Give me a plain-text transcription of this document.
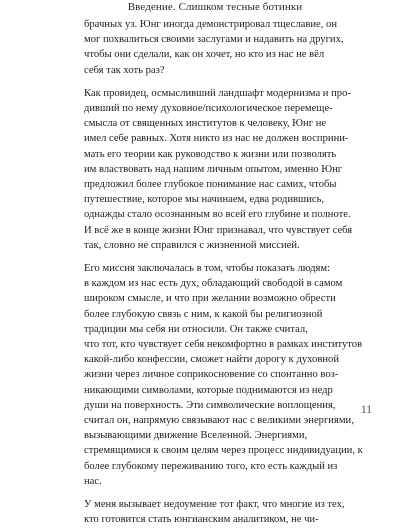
Введение. Слишком тесные ботинки
брачных уз. Юнг иногда демонстрировал тщеславие, он
мог похвалиться своими заслугами и надавить на других,
чтобы они сделали, как он хочет, но кто из нас не вёл
себя так хоть раз?
Как провидец, осмысливший ландшафт модернизма и про-
дивший по нему духовное/психологическое перемеще-
смысла от священных институтов к человеку, Юнг не
имел себе равных. Хотя никто из нас не должен восприни-
мать его теории как руководство к жизни или позволять
им властвовать над нашим личным опытом, именно Юнг
предложил более глубокое понимание нас самих, чтобы
путешествие, которое мы начинаем, едва родившись,
однажды стало осознанным во всей его глубине и полноте.
И всё же в конце жизни Юнг признавал, что чувствует себя
так, словно не справился с жизненной миссией.
Его миссия заключалась в том, чтобы показать людям:
в каждом из нас есть дух, обладающий свободой в самом
широком смысле, и что при желании возможно обрести
более глубокую связь с ним, к какой бы религиозной
традиции мы себя ни относили. Он также считал,
что тот, кто чувствует себя некомфортно в рамках институтов
какой-либо конфессии, сможет найти дорогу к духовной
жизни через личное соприкосновение со спонтанно воз-
никающими символами, которые поднимаются из недр
души на поверхность. Эти символические воплощения,
считал он, напрямую связывают нас с великими энергиями,
вызывающими движение Вселенной. Энергиями,
стремящимися к своим целям через процесс индивидуации, к
более глубокому переживанию того, кто есть каждый из
нас.
У меня вызывает недоумение тот факт, что многие из тех,
кто готовится стать юнгианским аналитиком, не чи-
11
